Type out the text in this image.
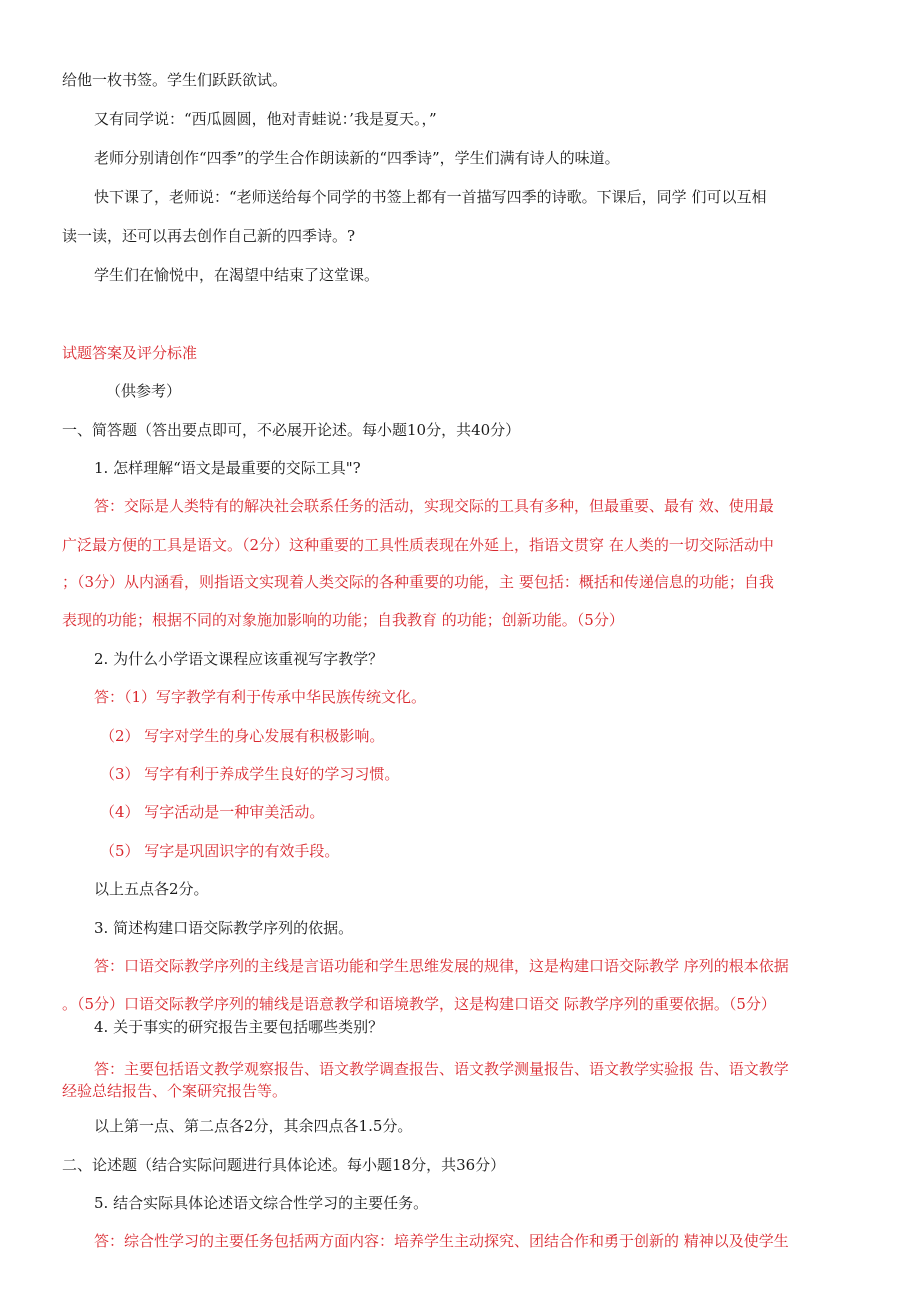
给他一枚书签。学生们跃跃欲试。
又有同学说：“西瓜圆圆，他对青蛙说：’我是夏天。，”
老师分别请创作“四季”的学生合作朗读新的“四季诗”，学生们满有诗人的味道。
快下课了，老师说：“老师送给每个同学的书签上都有一首描写四季的诗歌。下课后，同学 们可以互相
读一读，还可以再去创作自己新的四季诗。?
学生们在愉悦中，在渴望中结束了这堂课。
试题答案及评分标准
（供参考）
一、简答题（答出要点即可，不必展开论述。每小题10分，共40分）
1. 怎样理解“语文是最重要的交际工具"?
答：交际是人类特有的解决社会联系任务的活动，实现交际的工具有多种，但最重要、最有 效、使用最
广泛最方便的工具是语文。（2分）这种重要的工具性质表现在外延上，指语文贯穿 在人类的一切交际活动中
；（3分）从内涵看，则指语文实现着人类交际的各种重要的功能，主 要包括：概括和传递信息的功能；自我
表现的功能；根据不同的对象施加影响的功能；自我教育 的功能；创新功能。（5分）
2. 为什么小学语文课程应该重视写字教学？
答：（1）写字教学有利于传承中华民族传统文化。
（2） 写字对学生的身心发展有积极影响。
（3） 写字有利于养成学生良好的学习习惯。
（4） 写字活动是一种审美活动。
（5） 写字是巩固识字的有效手段。
以上五点各2分。
3. 简述构建口语交际教学序列的依据。
答：口语交际教学序列的主线是言语功能和学生思维发展的规律，这是构建口语交际教学 序列的根本依据
。（5分）口语交际教学序列的辅线是语意教学和语境教学，这是构建口语交 际教学序列的重要依据。（5分）
4. 关于事实的研究报告主要包括哪些类别？
答：主要包括语文教学观察报告、语文教学调查报告、语文教学测量报告、语文教学实验报 告、语文教学
经验总结报告、个案研究报告等。
以上第一点、第二点各2分，其余四点各1.5分。
二、论述题（结合实际问题进行具体论述。每小题18分，共36分）
5. 结合实际具体论述语文综合性学习的主要任务。
答：综合性学习的主要任务包括两方面内容：培养学生主动探究、团结合作和勇于创新的 精神以及使学生
